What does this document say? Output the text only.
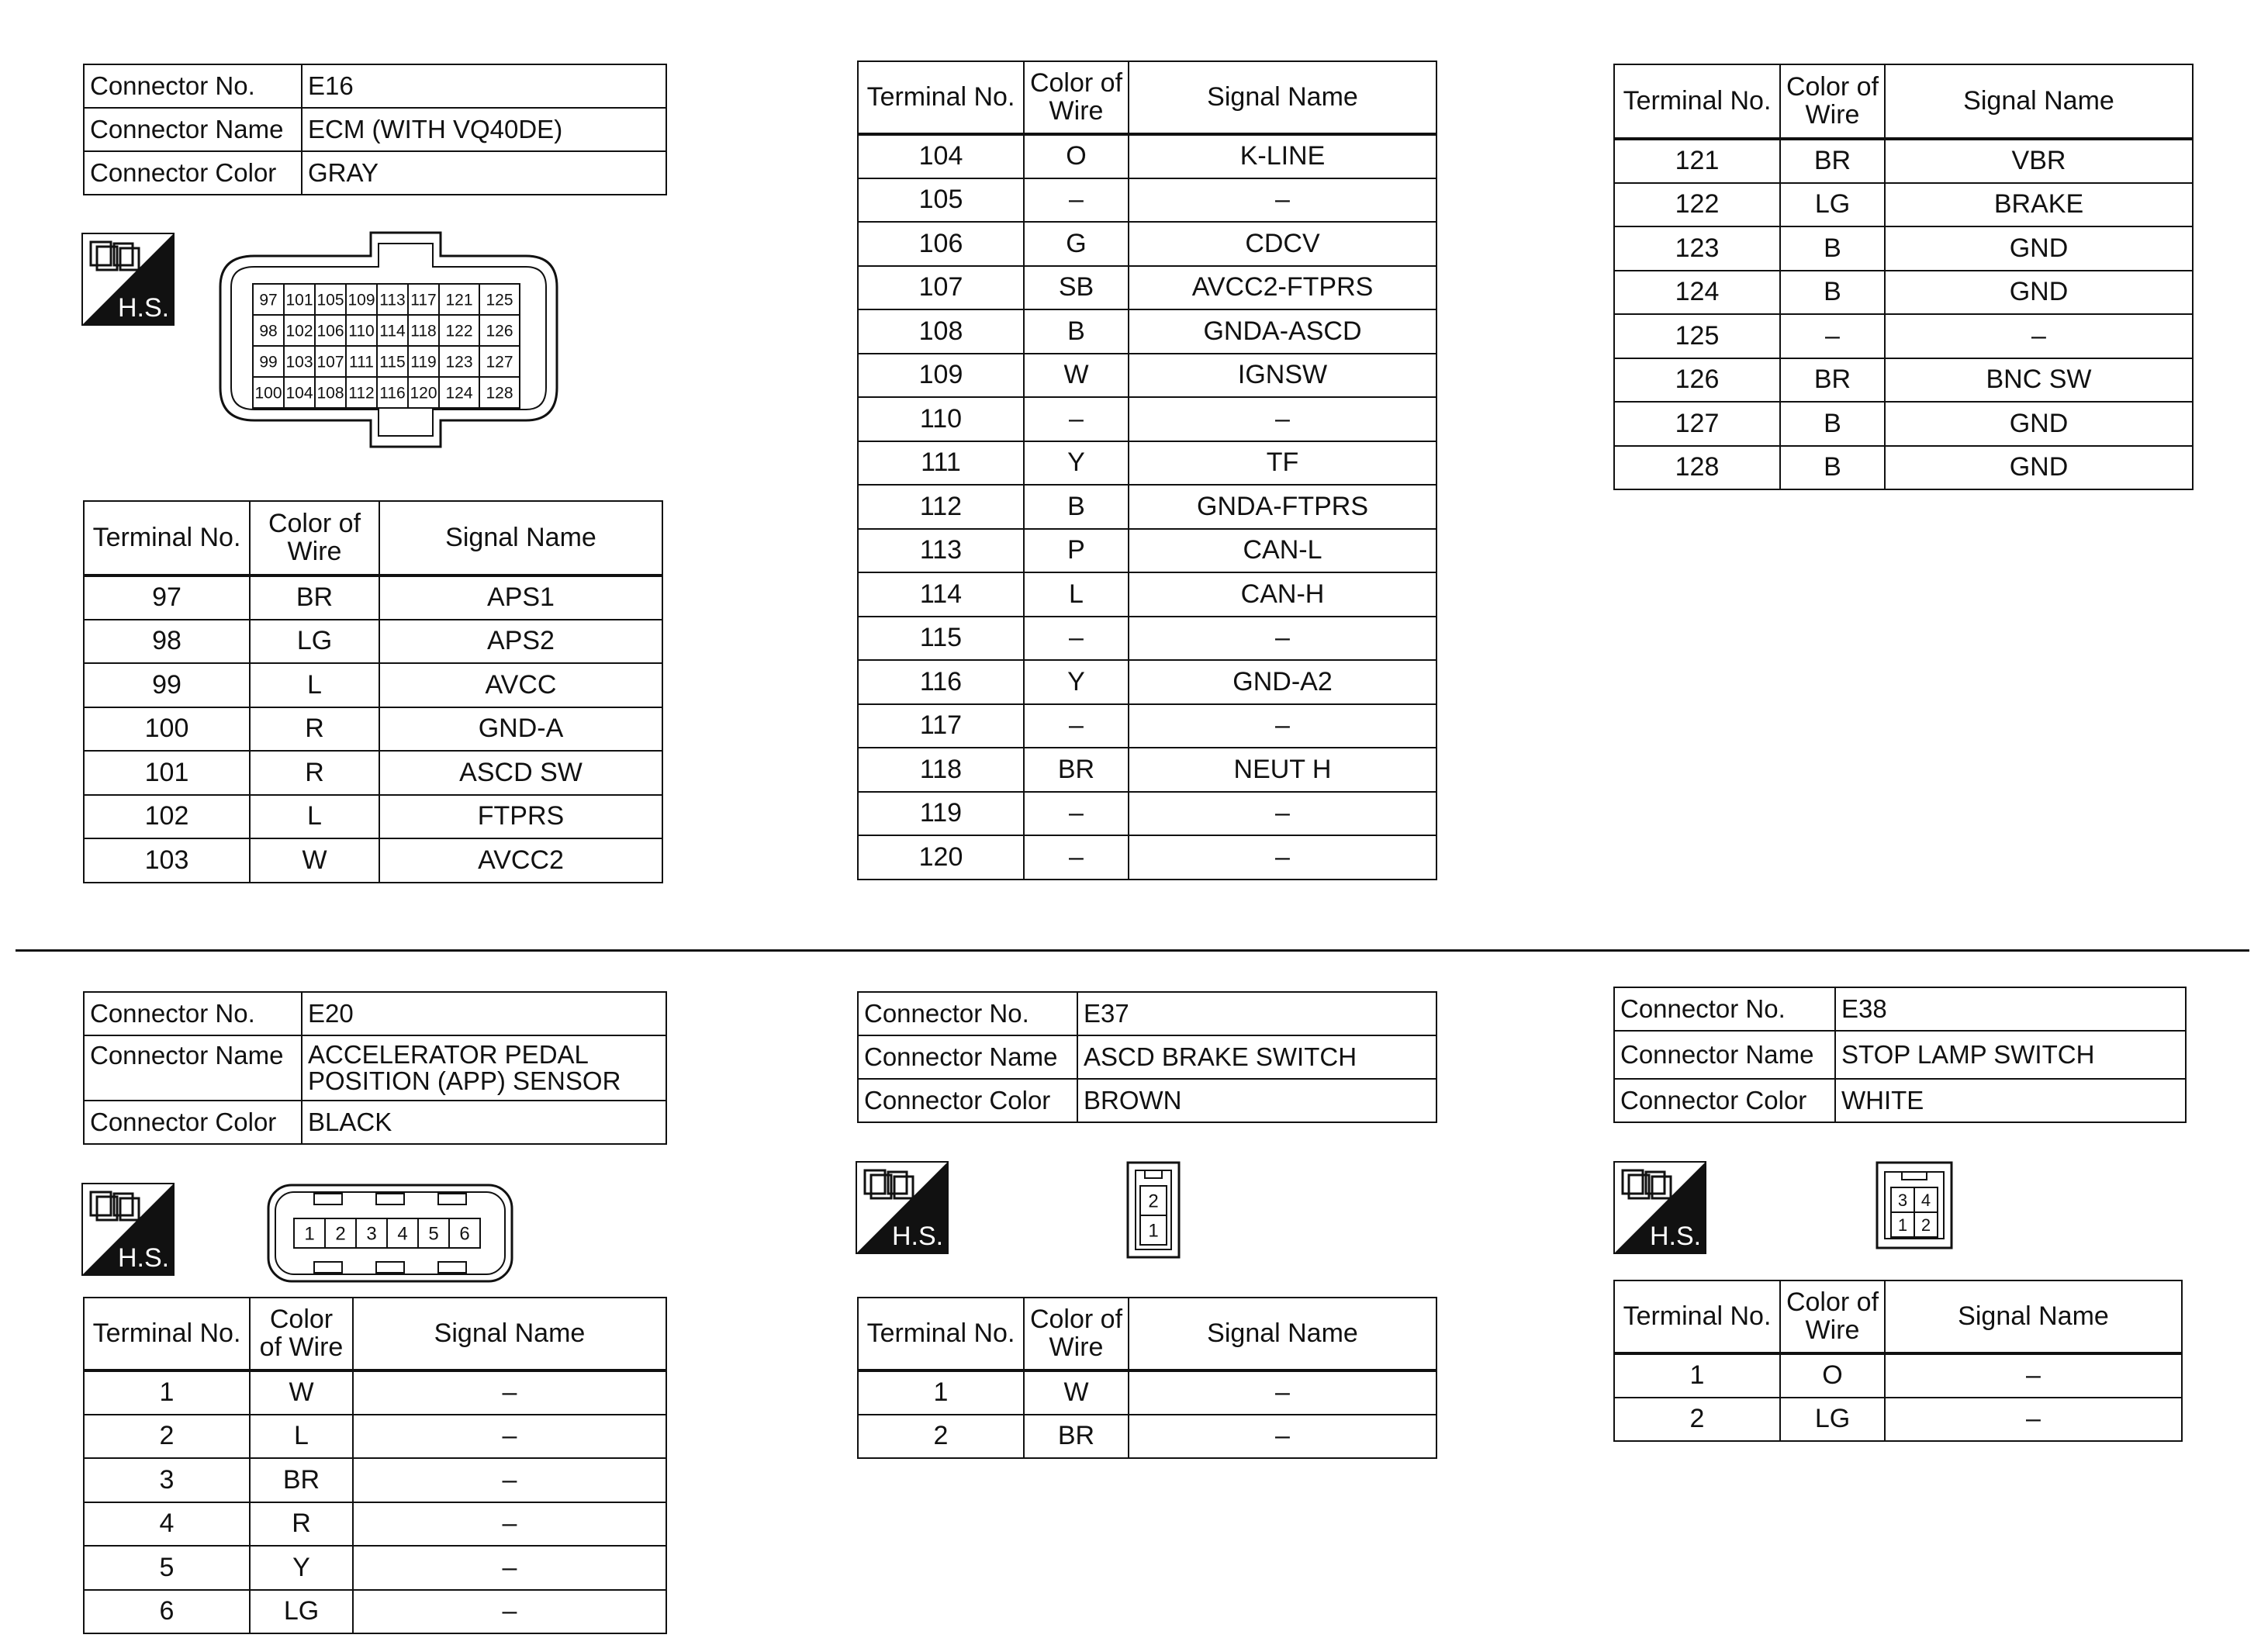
Connector No.	E16
Connector Name	ECM (WITH VQ40DE)
Connector Color	GRAY
H.S.	97 101 105 109 113 117 121 125
98 102 106 110 114 118 122 126
99 103 107 111 115 119 123 127
100 104 108 112 116 120 124 128
Terminal No.	Color of Wire	Signal Name
97	BR	APS1
98	LG	APS2
99	L	AVCC
100	R	GND-A
101	R	ASCD SW
102	L	FTPRS
103	W	AVCC2
Terminal No.	Color of Wire	Signal Name
104	O	K-LINE
105	–	–
106	G	CDCV
107	SB	AVCC2-FTPRS
108	B	GNDA-ASCD
109	W	IGNSW
110	–	–
111	Y	TF
112	B	GNDA-FTPRS
113	P	CAN-L
114	L	CAN-H
115	–	–
116	Y	GND-A2
117	–	–
118	BR	NEUT H
119	–	–
120	–	–
Terminal No.	Color of Wire	Signal Name
121	BR	VBR
122	LG	BRAKE
123	B	GND
124	B	GND
125	–	–
126	BR	BNC SW
127	B	GND
128	B	GND
Connector No.	E20
Connector Name	ACCELERATOR PEDAL
POSITION (APP) SENSOR

Connector Color	BLACK
H.S.
1 2 3 4 5 6
Terminal No.	Color of Wire	Signal Name
1	W	–
2	L	–
3	BR	–
4	R	–
5	Y	–
6	LG	–
Connector No.	E37
Connector Name	ASCD BRAKE SWITCH
Connector Color	BROWN
H.S.
2
1
Terminal No.	Color of Wire	Signal Name
1	W	–
2	BR	–
Connector No.	E38
Connector Name	STOP LAMP SWITCH
Connector Color	WHITE
H.S.
3 4
1 2
Terminal No.	Color of Wire	Signal Name
1	O	–
2	LG	–
